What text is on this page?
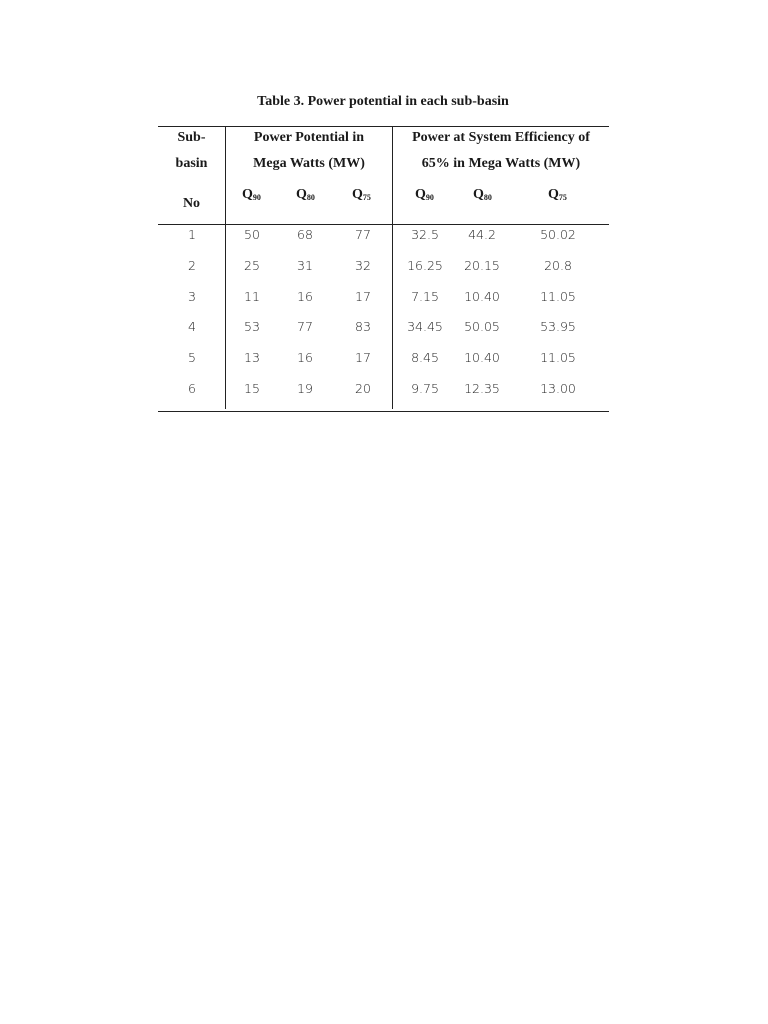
Table 3. Power potential in each sub-basin
Sub-
basin
No
Power Potential in
Mega Watts (MW)
Power at System Efficiency of
65% in Mega Watts (MW)
$Q_{90}$	$Q_{80}$	$Q_{75}$	$Q_{90}$	$Q_{80}$	$Q_{75}$
1	50	68	77	32.5	44.2	50.02
2	25	31	32	16.25	20.15	20.8
3	11	16	17	7.15	10.40	11.05
4	53	77	83	34.45	50.05	53.95
5	13	16	17	8.45	10.40	11.05
6	15	19	20	9.75	12.35	13.00
